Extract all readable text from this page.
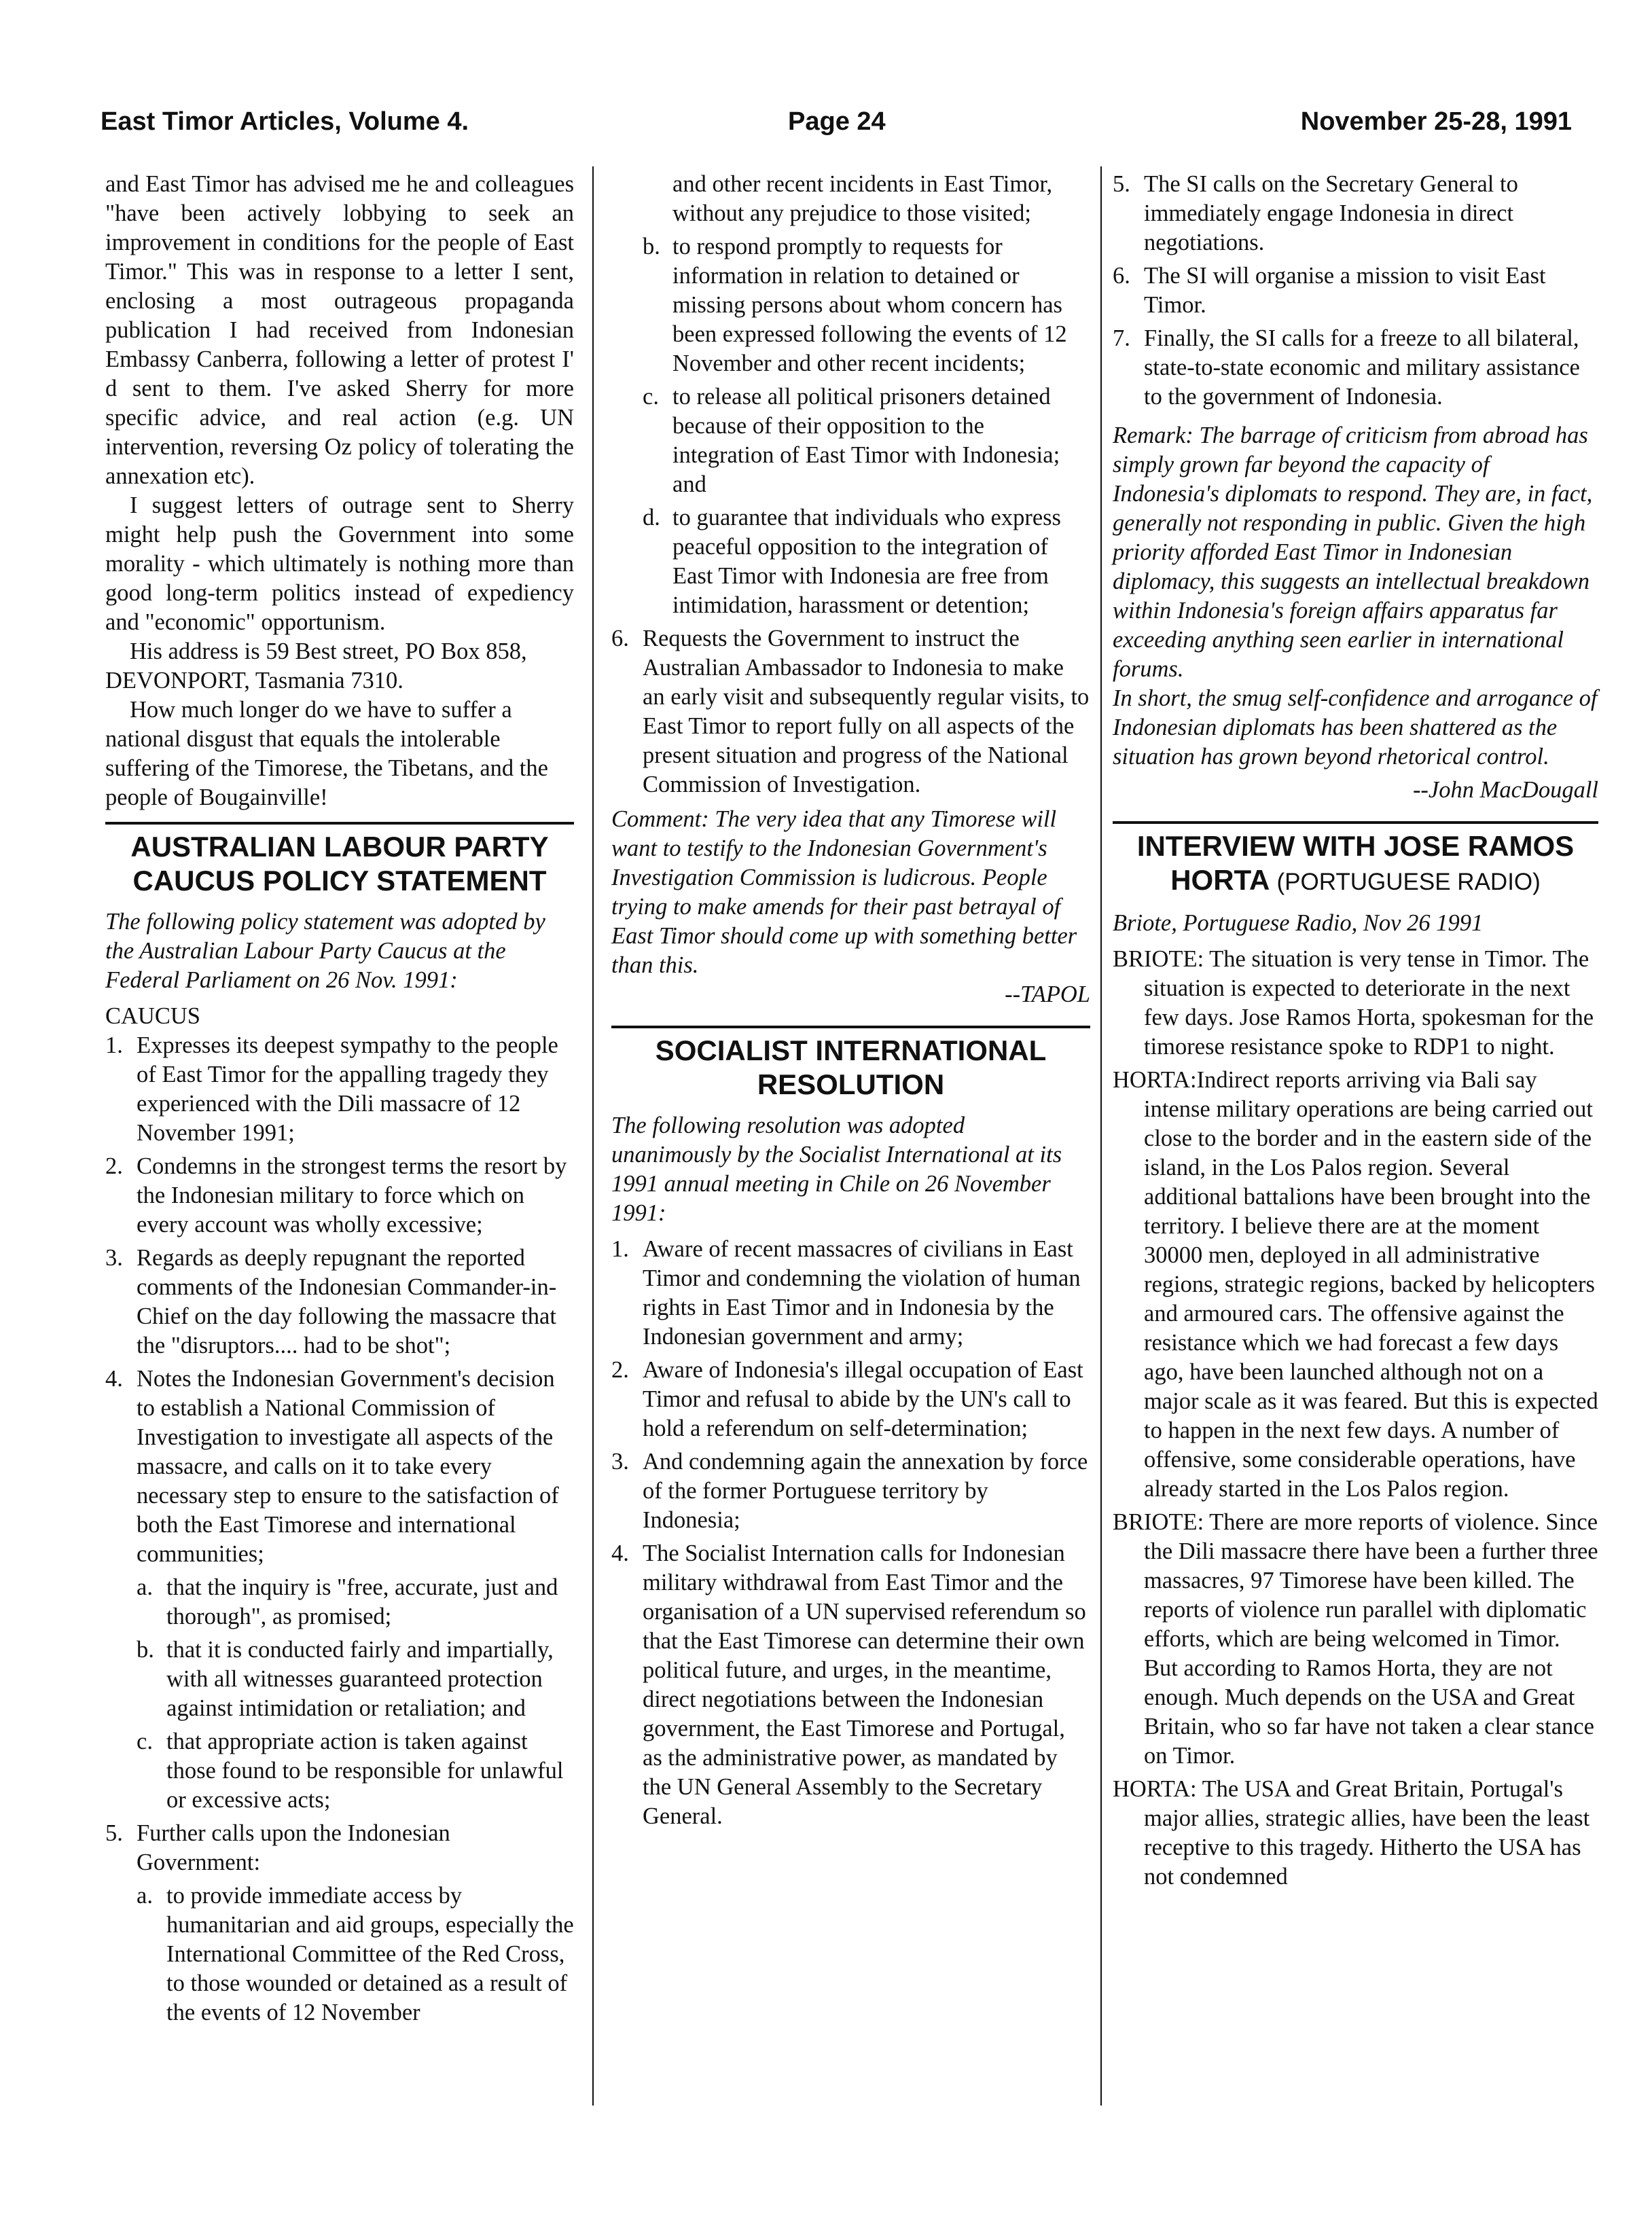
East Timor Articles, Volume 4.	Page 24	November 25-28, 1991

and East Timor has advised me he and colleagues "have been actively lobbying to seek an improvement in conditions for the people of East Timor." This was in response to a letter I sent, enclosing a most outrageous propaganda publication I had received from Indonesian Embassy Canberra, following a letter of protest I' d sent to them. I've asked Sherry for more specific advice, and real action (e.g. UN intervention, reversing Oz policy of tolerating the annexation etc).

I suggest letters of outrage sent to Sherry might help push the Government into some morality - which ultimately is nothing more than good long-term politics instead of expediency and "economic" opportunism.

His address is 59 Best street, PO Box 858, DEVONPORT, Tasmania 7310.

How much longer do we have to suffer a national disgust that equals the intolerable suffering of the Timorese, the Tibetans, and the people of Bougainville!

AUSTRALIAN LABOUR PARTY CAUCUS POLICY STATEMENT

The following policy statement was adopted by the Australian Labour Party Caucus at the Federal Parliament on 26 Nov. 1991:

CAUCUS

1. Expresses its deepest sympathy to the people of East Timor for the appalling tragedy they experienced with the Dili massacre of 12 November 1991;
2. Condemns in the strongest terms the resort by the Indonesian military to force which on every account was wholly excessive;
3. Regards as deeply repugnant the reported comments of the Indonesian Commander-in-Chief on the day following the massacre that the "disruptors.... had to be shot";
4. Notes the Indonesian Government's decision to establish a National Commission of Investigation to investigate all aspects of the massacre, and calls on it to take every necessary step to ensure to the satisfaction of both the East Timorese and international communities;
a. that the inquiry is "free, accurate, just and thorough", as promised;
b. that it is conducted fairly and impartially, with all witnesses guaranteed protection against intimidation or retaliation; and
c. that appropriate action is taken against those found to be responsible for unlawful or excessive acts;
5. Further calls upon the Indonesian Government:
a. to provide immediate access by humanitarian and aid groups, especially the International Committee of the Red Cross, to those wounded or detained as a result of the events of 12 November
and other recent incidents in East Timor, without any prejudice to those visited;
b. to respond promptly to requests for information in relation to detained or missing persons about whom concern has been expressed following the events of 12 November and other recent incidents;
c. to release all political prisoners detained because of their opposition to the integration of East Timor with Indonesia; and
d. to guarantee that individuals who express peaceful opposition to the integration of East Timor with Indonesia are free from intimidation, harassment or detention;
6. Requests the Government to instruct the Australian Ambassador to Indonesia to make an early visit and subsequently regular visits, to East Timor to report fully on all aspects of the present situation and progress of the National Commission of Investigation.

Comment: The very idea that any Timorese will want to testify to the Indonesian Government's Investigation Commission is ludicrous. People trying to make amends for their past betrayal of East Timor should come up with something better than this.

--TAPOL

SOCIALIST INTERNATIONAL RESOLUTION

The following resolution was adopted unanimously by the Socialist International at its 1991 annual meeting in Chile on 26 November 1991:

1. Aware of recent massacres of civilians in East Timor and condemning the violation of human rights in East Timor and in Indonesia by the Indonesian government and army;
2. Aware of Indonesia's illegal occupation of East Timor and refusal to abide by the UN's call to hold a referendum on self-determination;
3. And condemning again the annexation by force of the former Portuguese territory by Indonesia;
4. The Socialist Internation calls for Indonesian military withdrawal from East Timor and the organisation of a UN supervised referendum so that the East Timorese can determine their own political future, and urges, in the meantime, direct negotiations between the Indonesian government, the East Timorese and Portugal, as the administrative power, as mandated by the UN General Assembly to the Secretary General.
5. The SI calls on the Secretary General to immediately engage Indonesia in direct negotiations.
6. The SI will organise a mission to visit East Timor.
7. Finally, the SI calls for a freeze to all bilateral, state-to-state economic and military assistance to the government of Indonesia.

Remark: The barrage of criticism from abroad has simply grown far beyond the capacity of Indonesia's diplomats to respond. They are, in fact, generally not responding in public. Given the high priority afforded East Timor in Indonesian diplomacy, this suggests an intellectual breakdown within Indonesia's foreign affairs apparatus far exceeding anything seen earlier in international forums.

In short, the smug self-confidence and arrogance of Indonesian diplomats has been shattered as the situation has grown beyond rhetorical control.

--John MacDougall

INTERVIEW WITH JOSE RAMOS HORTA (PORTUGUESE RADIO)

Briote, Portuguese Radio, Nov 26 1991

BRIOTE: The situation is very tense in Timor. The situation is expected to deteriorate in the next few days. Jose Ramos Horta, spokesman for the timorese resistance spoke to RDP1 to night.

HORTA:Indirect reports arriving via Bali say intense military operations are being carried out close to the border and in the eastern side of the island, in the Los Palos region. Several additional battalions have been brought into the territory. I believe there are at the moment 30000 men, deployed in all administrative regions, strategic regions, backed by helicopters and armoured cars. The offensive against the resistance which we had forecast a few days ago, have been launched although not on a major scale as it was feared. But this is expected to happen in the next few days. A number of offensive, some considerable operations, have already started in the Los Palos region.

BRIOTE: There are more reports of violence. Since the Dili massacre there have been a further three massacres, 97 Timorese have been killed. The reports of violence run parallel with diplomatic efforts, which are being welcomed in Timor. But according to Ramos Horta, they are not enough. Much depends on the USA and Great Britain, who so far have not taken a clear stance on Timor.

HORTA: The USA and Great Britain, Portugal's major allies, strategic allies, have been the least receptive to this tragedy. Hitherto the USA has not condemned
